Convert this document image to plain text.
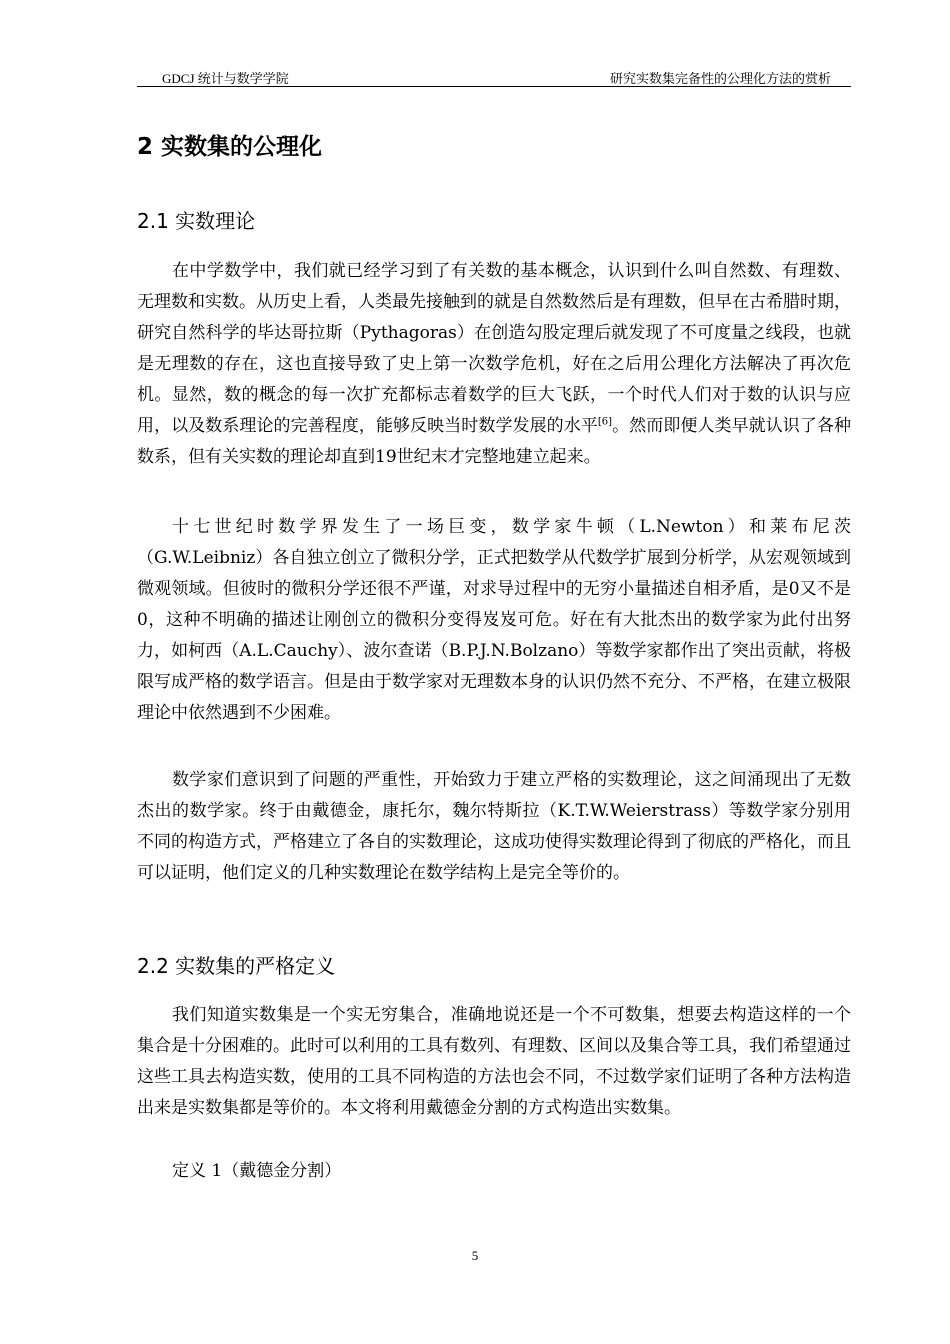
GDCJ 统计与数学学院	研究实数集完备性的公理化方法的赏析
2 实数集的公理化
2.1 实数理论
在中学数学中，我们就已经学习到了有关数的基本概念，认识到什么叫自然数、有理数、无理数和实数。从历史上看，人类最先接触到的就是自然数然后是有理数，但早在古希腊时期，研究自然科学的毕达哥拉斯（Pythagoras）在创造勾股定理后就发现了不可度量之线段，也就是无理数的存在，这也直接导致了史上第一次数学危机，好在之后用公理化方法解决了再次危机。显然，数的概念的每一次扩充都标志着数学的巨大飞跃，一个时代人们对于数的认识与应用，以及数系理论的完善程度，能够反映当时数学发展的水平[6]。然而即便人类早就认识了各种数系，但有关实数的理论却直到19世纪末才完整地建立起来。
十七世纪时数学界发生了一场巨变，数学家牛顿（L.Newton）和莱布尼茨（G.W.Leibniz）各自独立创立了微积分学，正式把数学从代数学扩展到分析学，从宏观领域到微观领域。但彼时的微积分学还很不严谨，对求导过程中的无穷小量描述自相矛盾，是0又不是0，这种不明确的描述让刚创立的微积分变得岌岌可危。好在有大批杰出的数学家为此付出努力，如柯西（A.L.Cauchy）、波尔查诺（B.P.J.N.Bolzano）等数学家都作出了突出贡献，将极限写成严格的数学语言。但是由于数学家对无理数本身的认识仍然不充分、不严格，在建立极限理论中依然遇到不少困难。
数学家们意识到了问题的严重性，开始致力于建立严格的实数理论，这之间涌现出了无数杰出的数学家。终于由戴德金，康托尔，魏尔特斯拉（K.T.W.Weierstrass）等数学家分别用不同的构造方式，严格建立了各自的实数理论，这成功使得实数理论得到了彻底的严格化，而且可以证明，他们定义的几种实数理论在数学结构上是完全等价的。
2.2 实数集的严格定义
我们知道实数集是一个实无穷集合，准确地说还是一个不可数集，想要去构造这样的一个集合是十分困难的。此时可以利用的工具有数列、有理数、区间以及集合等工具，我们希望通过这些工具去构造实数，使用的工具不同构造的方法也会不同，不过数学家们证明了各种方法构造出来是实数集都是等价的。本文将利用戴德金分割的方式构造出实数集。
定义 1（戴德金分割）
5
